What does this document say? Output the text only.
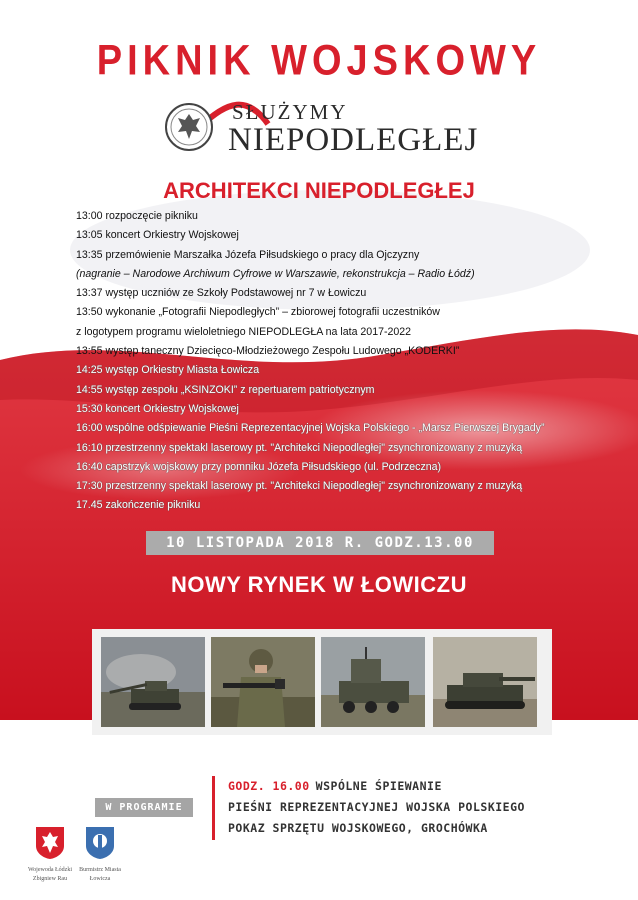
PIKNIK WOJSKOWY
SŁUŻYMY
NIEPODLEGŁEJ
ARCHITEKCI NIEPODLEGŁEJ
13:00 rozpoczęcie pikniku
13:05 koncert Orkiestry Wojskowej
13:35 przemówienie Marszałka Józefa Piłsudskiego o pracy dla Ojczyzny
(nagranie – Narodowe Archiwum Cyfrowe w Warszawie, rekonstrukcja – Radio Łódź)
13:37 występ uczniów ze Szkoły Podstawowej nr 7 w Łowiczu
13:50 wykonanie „Fotografii Niepodległych” – zbiorowej fotografii uczestników
z logotypem programu wieloletniego NIEPODLEGŁA na lata 2017-2022
13:55 występ taneczny Dziecięco-Młodzieżowego Zespołu Ludowego „KODERKI”
14:25 występ Orkiestry Miasta Łowicza
14:55 występ zespołu „KSINZOKI” z repertuarem patriotycznym
15:30 koncert Orkiestry Wojskowej
16:00 wspólne odśpiewanie Pieśni Reprezentacyjnej Wojska Polskiego - „Marsz Pierwszej Brygady”
16:10 przestrzenny spektakl laserowy pt. "Architekci Niepodległej" zsynchronizowany z muzyką
16:40 capstrzyk wojskowy przy pomniku Józefa Piłsudskiego (ul. Podrzeczna)
17:30 przestrzenny spektakl laserowy pt. "Architekci Niepodległej" zsynchronizowany z muzyką
17.45 zakończenie pikniku
10 LISTOPADA 2018 R. GODZ.13.00
NOWY RYNEK W ŁOWICZU
W PROGRAMIE
GODZ. 16.00 WSPÓLNE ŚPIEWANIE
PIEŚNI REPREZENTACYJNEJ WOJSKA POLSKIEGO
POKAZ SPRZĘTU WOJSKOWEGO, GROCHÓWKA
Wojewoda Łódzki
Zbigniew Rau
Burmistrz Miasta
Łowicza
